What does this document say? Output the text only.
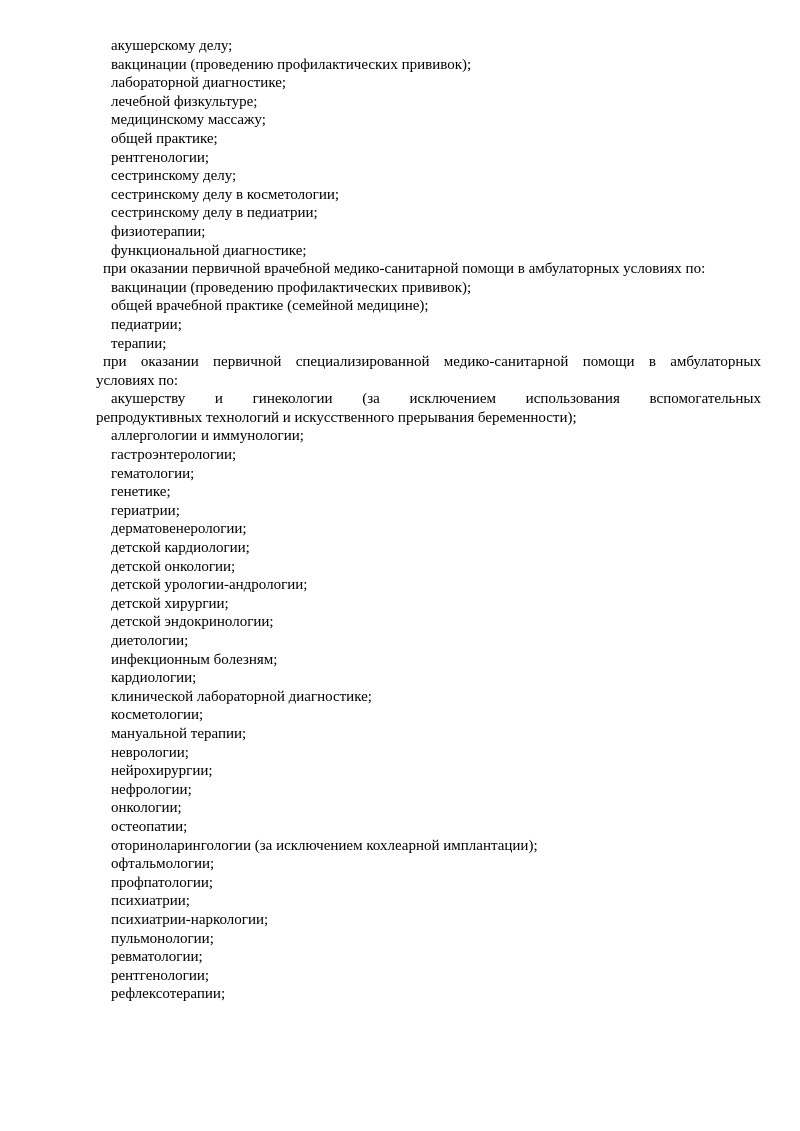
акушерскому делу;
вакцинации (проведению профилактических прививок);
лабораторной диагностике;
лечебной физкультуре;
медицинскому массажу;
общей практике;
рентгенологии;
сестринскому делу;
сестринскому делу в косметологии;
сестринскому делу в педиатрии;
физиотерапии;
функциональной диагностике;
при оказании первичной врачебной медико-санитарной помощи в амбулаторных условиях по:
вакцинации (проведению профилактических прививок);
общей врачебной практике (семейной медицине);
педиатрии;
терапии;
при оказании первичной специализированной медико-санитарной помощи в амбулаторных
условиях по:
акушерству и гинекологии (за исключением использования вспомогательных
репродуктивных технологий и искусственного прерывания беременности);
аллергологии и иммунологии;
гастроэнтерологии;
гематологии;
генетике;
гериатрии;
дерматовенерологии;
детской кардиологии;
детской онкологии;
детской урологии-андрологии;
детской хирургии;
детской эндокринологии;
диетологии;
инфекционным болезням;
кардиологии;
клинической лабораторной диагностике;
косметологии;
мануальной терапии;
неврологии;
нейрохирургии;
нефрологии;
онкологии;
остеопатии;
оториноларингологии (за исключением кохлеарной имплантации);
офтальмологии;
профпатологии;
психиатрии;
психиатрии-наркологии;
пульмонологии;
ревматологии;
рентгенологии;
рефлексотерапии;
